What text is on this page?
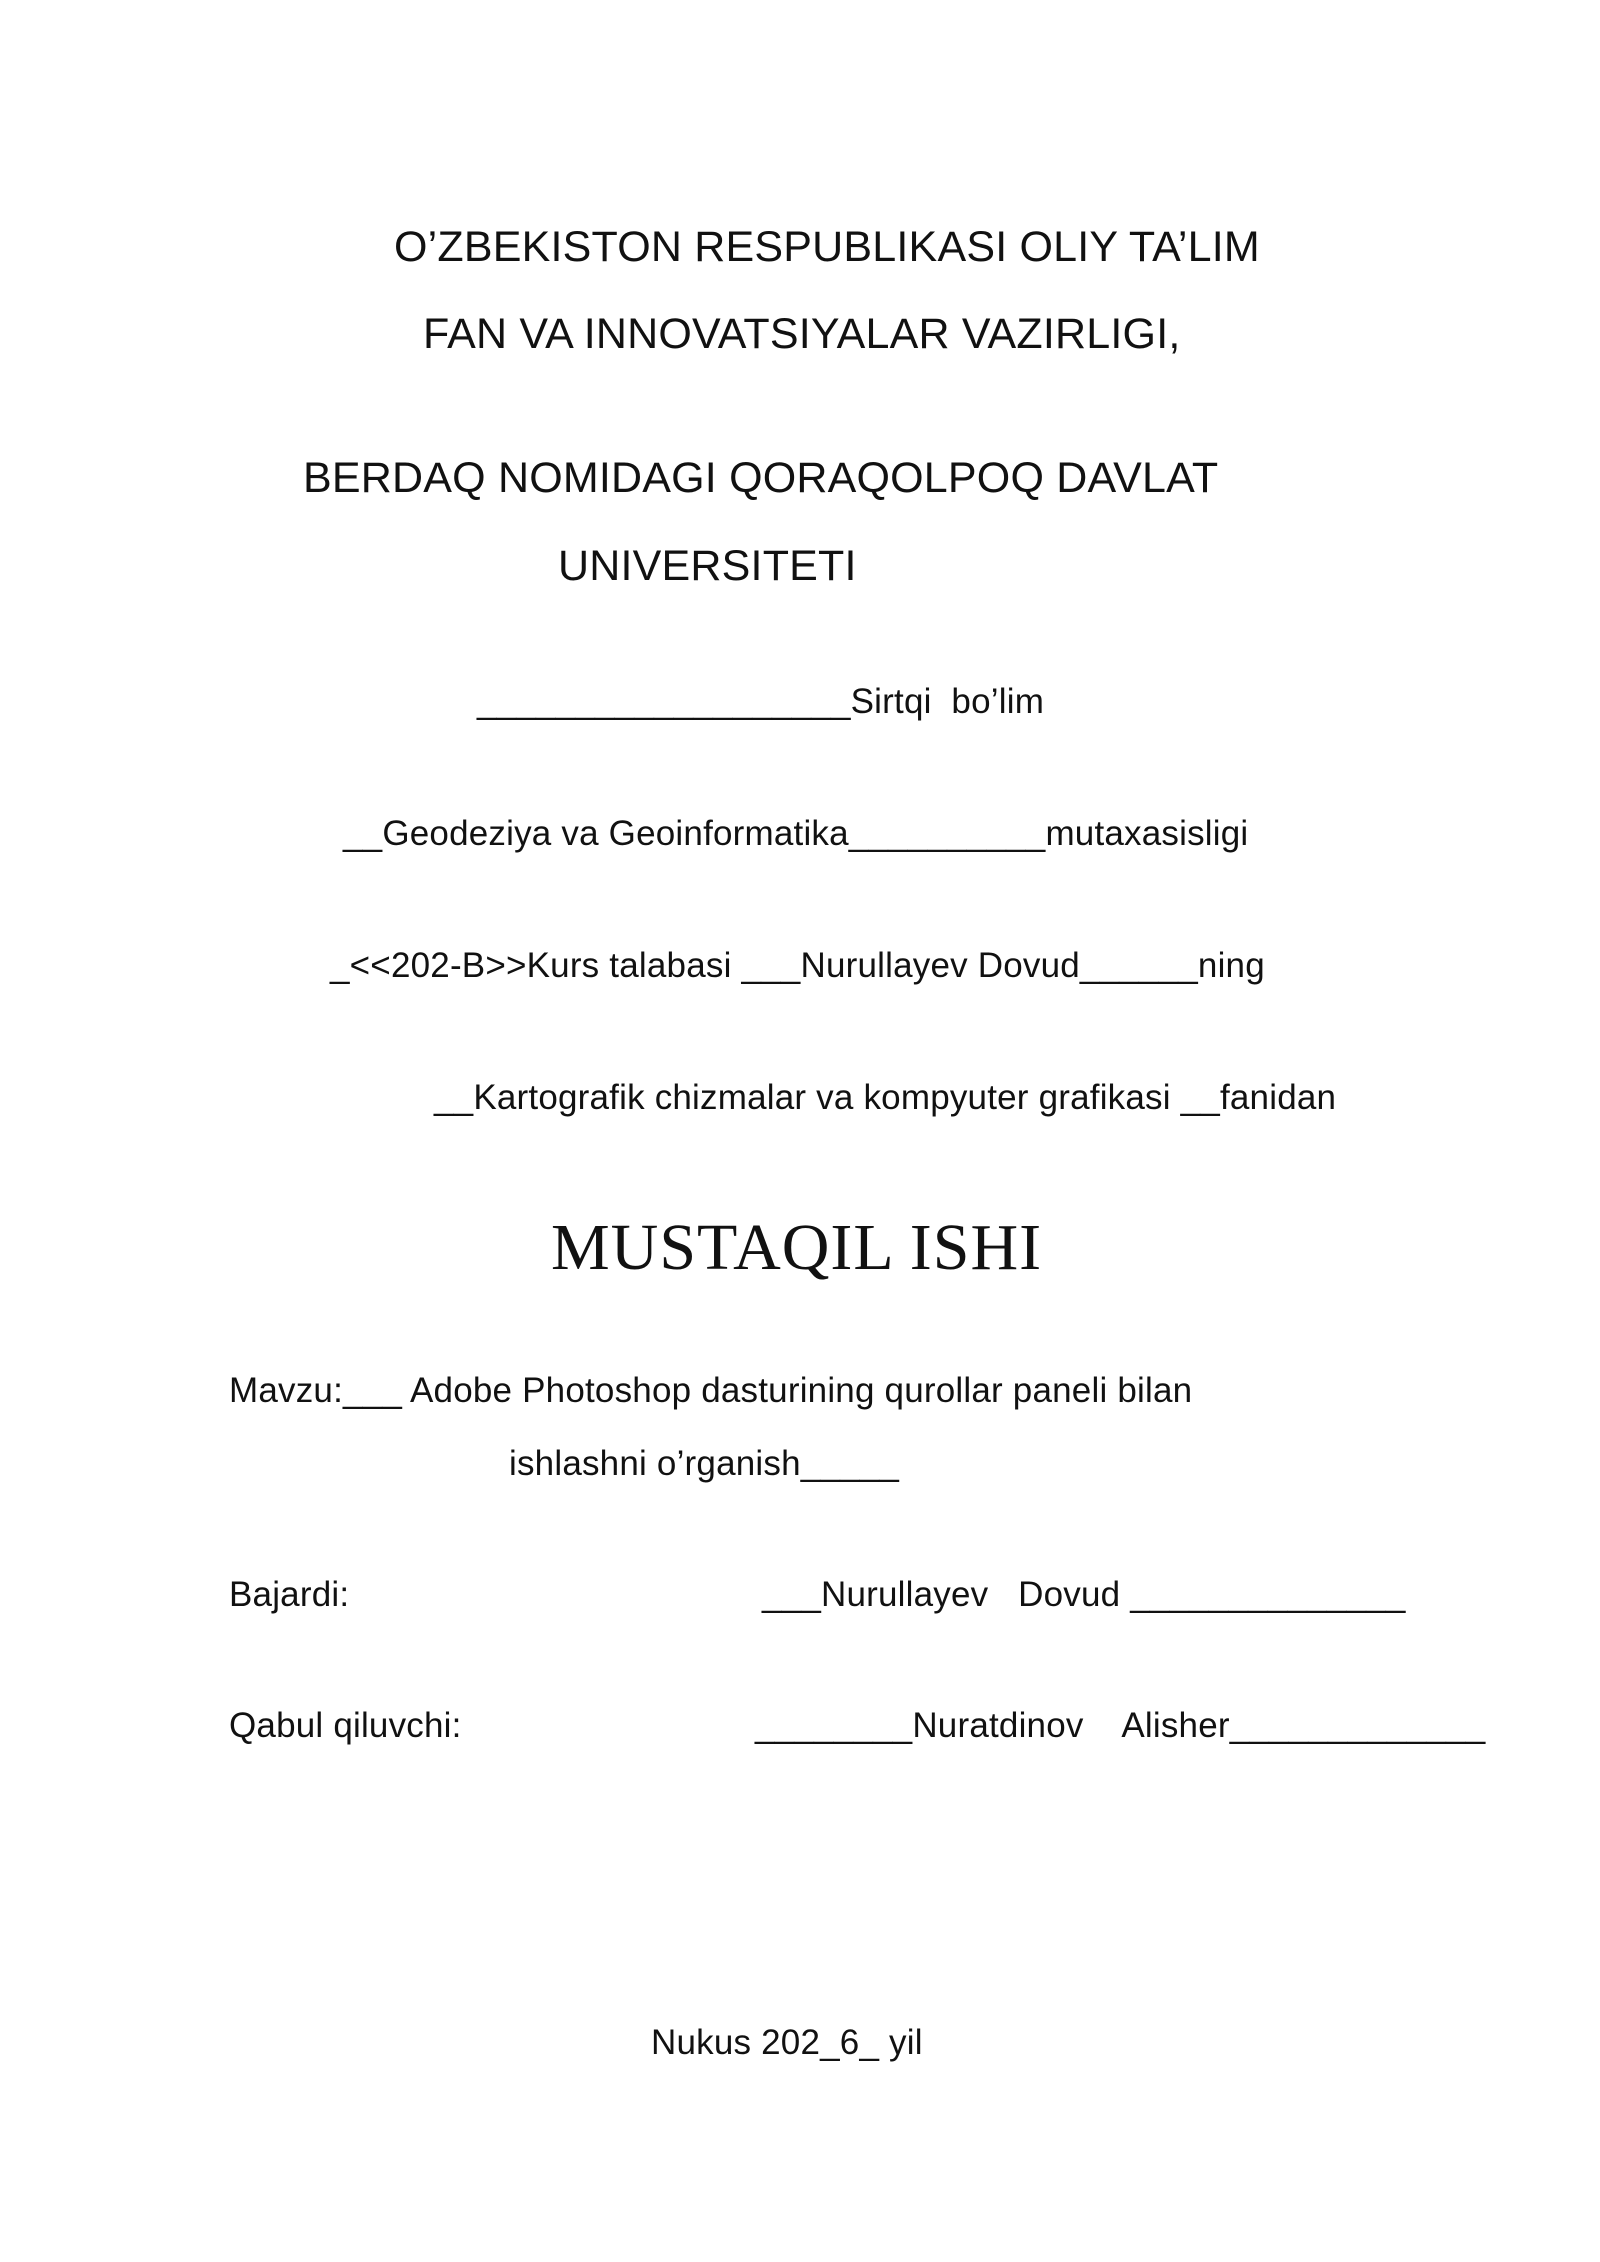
O’ZBEKISTON RESPUBLIKASI OLIY TA’LIM
FAN VA INNOVATSIYALAR VAZIRLIGI,
BERDAQ NOMIDAGI QORAQOLPOQ DAVLAT
UNIVERSITETI
___________________Sirtqi  bo’lim
__Geodeziya va Geoinformatika__________mutaxasisligi
_<<202-B>>Kurs talabasi ___Nurullayev Dovud______ning
__Kartografik chizmalar va kompyuter grafikasi __fanidan
MUSTAQIL ISHI
Mavzu:___ Adobe Photoshop dasturining qurollar paneli bilan
ishlashni o’rganish_____
Bajardi:	___Nurullayev   Dovud ______________
Qabul qiluvchi:	________Nuratdinov    Alisher_____________
Nukus 202_6_ yil
